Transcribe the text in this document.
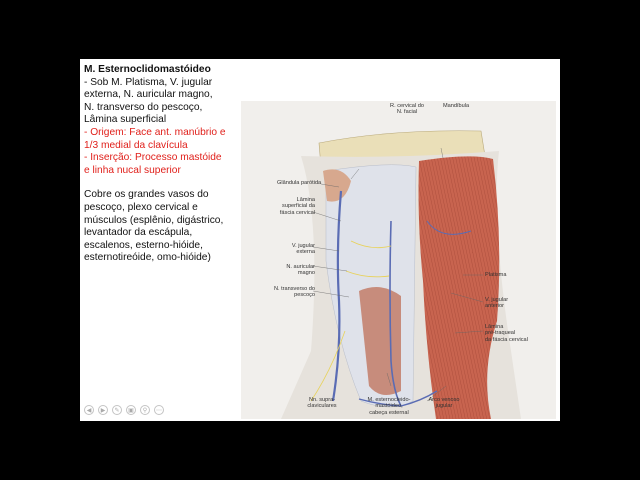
M. Esternoclidomastóideo

- Sob M. Platisma, V. jugular

externa, N. auricular magno,

N. transverso do pescoço,

Lâmina superficial

- Origem: Face ant. manúbrio e

1/3 medial da clavícula

- Inserção: Processo mastóide

e linha nucal superior

Cobre os grandes vasos do

pescoço, plexo cervical e

músculos (esplênio, digástrico,

levantador da escápula,

escalenos, esterno-hióide,

esternotireóide, omo-hióide)

R. cervical do
N. facial
Mandíbula
Glândula parótida
Lâmina
superficial da
fáscia cervical
V. jugular
externa
N. auricular
magno
N. transverso do
pescoço
Platisma
V. jugular
anterior
Lâmina
pré-traqueal
da fáscia cervical
Nn. supra-
claviculares
M. esternocleido-
mastóideo,
cabeça esternal
Arco venoso
jugular
◀	▶	✎	▣	⚲	⋯
